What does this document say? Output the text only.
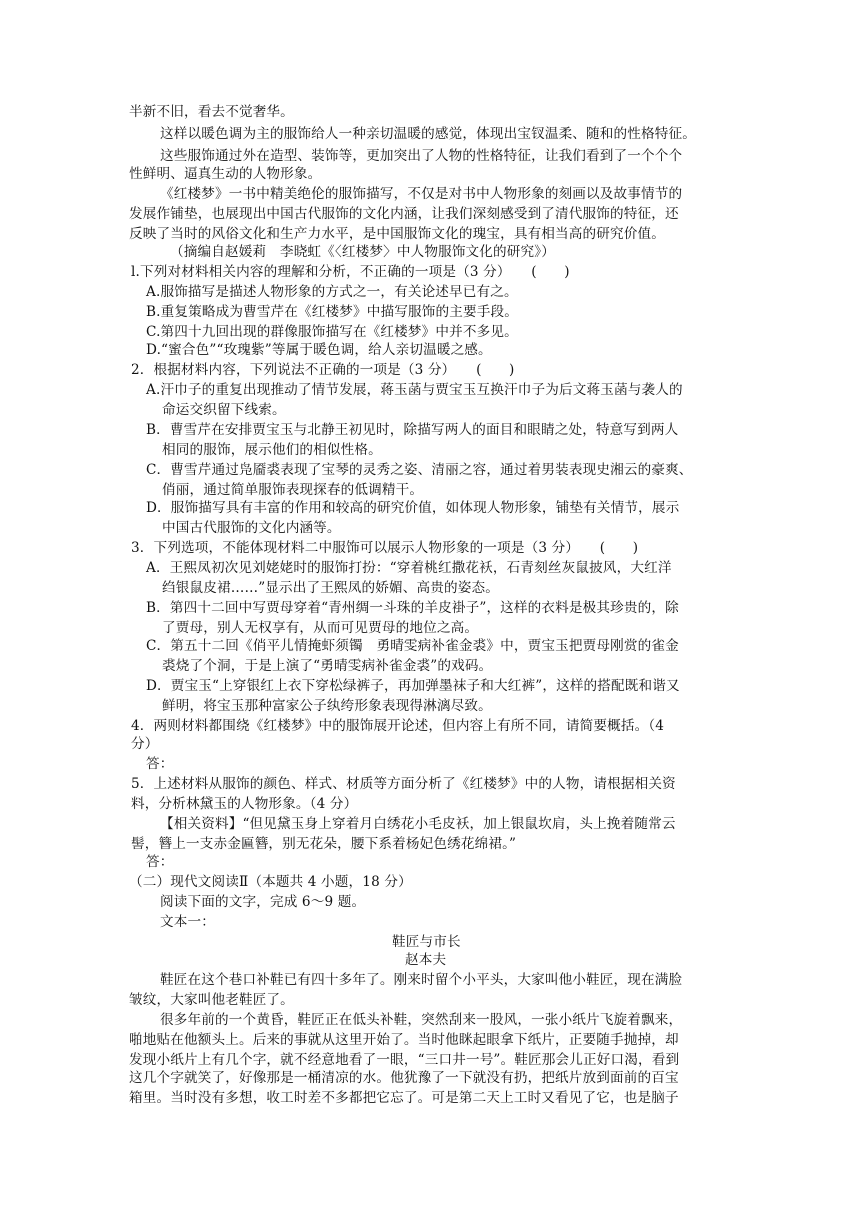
半新不旧，看去不觉奢华。
这样以暖色调为主的服饰给人一种亲切温暖的感觉，体现出宝钗温柔、随和的性格特征。
这些服饰通过外在造型、装饰等，更加突出了人物的性格特征，让我们看到了一个个个
性鲜明、逼真生动的人物形象。
《红楼梦》一书中精美绝伦的服饰描写，不仅是对书中人物形象的刻画以及故事情节的
发展作铺垫，也展现出中国古代服饰的文化内涵，让我们深刻感受到了清代服饰的特征，还
反映了当时的风俗文化和生产力水平，是中国服饰文化的瑰宝，具有相当高的研究价值。
（摘编自赵媛莉　李晓虹《〈红楼梦〉中人物服饰文化的研究》）
l.下列对材料相关内容的理解和分析，不正确的一项是（3 分）　　(　　)
A.服饰描写是描述人物形象的方式之一，有关论述早已有之。
B.重复策略成为曹雪芹在《红楼梦》中描写服饰的主要手段。
C.第四十九回出现的群像服饰描写在《红楼梦》中并不多见。
D.“蜜合色”“玫瑰紫”等属于暖色调，给人亲切温暖之感。
2．根据材料内容，下列说法不正确的一项是（3 分）　　(　　)
A.汗巾子的重复出现推动了情节发展，蒋玉菡与贾宝玉互换汗巾子为后文蒋玉菡与袭人的
命运交织留下线索。
B．曹雪芹在安排贾宝玉与北静王初见时，除描写两人的面目和眼睛之处，特意写到两人
相同的服饰，展示他们的相似性格。
C．曹雪芹通过凫靥裘表现了宝琴的灵秀之姿、清丽之容，通过着男装表现史湘云的豪爽、
俏丽，通过简单服饰表现探春的低调精干。
D．服饰描写具有丰富的作用和较高的研究价值，如体现人物形象，铺垫有关情节，展示
中国古代服饰的文化内涵等。
3．下列选项，不能体现材料二中服饰可以展示人物形象的一项是（3 分）　　(　　)
A．王熙凤初次见刘姥姥时的服饰打扮：“穿着桃红撒花袄，石青刻丝灰鼠披风，大红洋
绉银鼠皮裙……”显示出了王熙凤的娇媚、高贵的姿态。
B．第四十二回中写贾母穿着“青州绸一斗珠的羊皮褂子”，这样的衣料是极其珍贵的，除
了贾母，别人无权享有，从而可见贾母的地位之高。
C．第五十二回《俏平儿情掩虾须镯　勇晴雯病补雀金裘》中，贾宝玉把贾母刚赏的雀金
裘烧了个洞，于是上演了“勇晴雯病补雀金裘”的戏码。
D．贾宝玉“上穿银红上衣下穿松绿裤子，再加弹墨袜子和大红裤”，这样的搭配既和谐又
鲜明，将宝玉那种富家公子纨绔形象表现得淋漓尽致。
4．两则材料都围绕《红楼梦》中的服饰展开论述，但内容上有所不同，请简要概括。（4
分）
答：
5．上述材料从服饰的颜色、样式、材质等方面分析了《红楼梦》中的人物，请根据相关资
料，分析林黛玉的人物形象。（4 分）
【相关资料】“但见黛玉身上穿着月白绣花小毛皮袄，加上银鼠坎肩，头上挽着随常云
髻，簪上一支赤金匾簪，别无花朵，腰下系着杨妃色绣花绵裙。”
答：
（二）现代文阅读Ⅱ（本题共 4 小题，18 分）
阅读下面的文字，完成 6～9 题。
文本一：
鞋匠与市长
赵本夫
鞋匠在这个巷口补鞋已有四十多年了。刚来时留个小平头，大家叫他小鞋匠，现在满脸
皱纹，大家叫他老鞋匠了。
很多年前的一个黄昏，鞋匠正在低头补鞋，突然刮来一股风，一张小纸片飞旋着飘来，
啪地贴在他额头上。后来的事就从这里开始了。当时他眯起眼拿下纸片，正要随手抛掉，却
发现小纸片上有几个字，就不经意地看了一眼，“三口井一号”。鞋匠那会儿正好口渴，看到
这几个字就笑了，好像那是一桶清凉的水。他犹豫了一下就没有扔，把纸片放到面前的百宝
箱里。当时没有多想，收工时差不多都把它忘了。可是第二天上工时又看见了它，也是脑子
